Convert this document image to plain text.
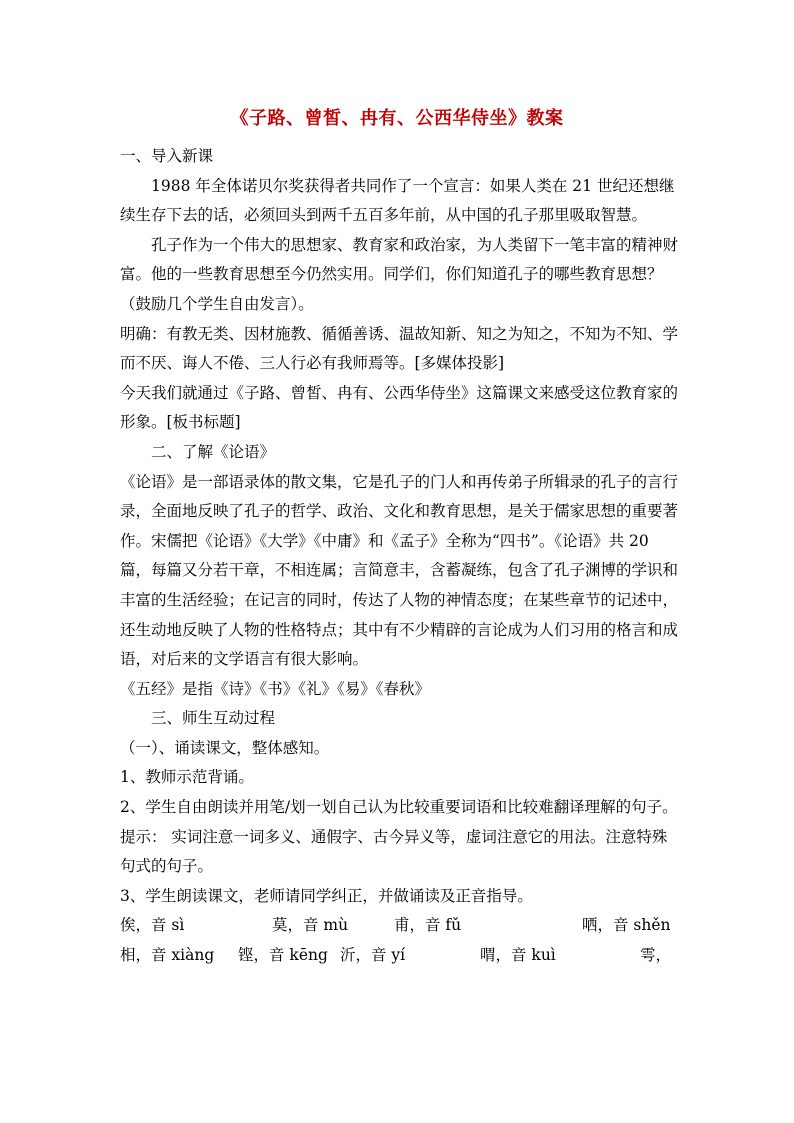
《子路、曾皙、冉有、公西华侍坐》教案

一、导入新课

1988 年全体诺贝尔奖获得者共同作了一个宣言：如果人类在 21 世纪还想继续生存下去的话，必须回头到两千五百多年前，从中国的孔子那里吸取智慧。

孔子作为一个伟大的思想家、教育家和政治家，为人类留下一笔丰富的精神财富。他的一些教育思想至今仍然实用。同学们，你们知道孔子的哪些教育思想？（鼓励几个学生自由发言）。

明确：有教无类、因材施教、循循善诱、温故知新、知之为知之，不知为不知、学而不厌、诲人不倦、三人行必有我师焉等。[多媒体投影]

今天我们就通过《子路、曾皙、冉有、公西华侍坐》这篇课文来感受这位教育家的形象。[板书标题]

二、了解《论语》

《论语》是一部语录体的散文集，它是孔子的门人和再传弟子所辑录的孔子的言行录，全面地反映了孔子的哲学、政治、文化和教育思想，是关于儒家思想的重要著作。宋儒把《论语》《大学》《中庸》和《孟子》全称为“四书”。《论语》共 20 篇，每篇又分若干章，不相连属；言简意丰，含蓄凝练，包含了孔子渊博的学识和丰富的生活经验；在记言的同时，传达了人物的神情态度；在某些章节的记述中，还生动地反映了人物的性格特点；其中有不少精辟的言论成为人们习用的格言和成语，对后来的文学语言有很大影响。

《五经》是指《诗》《书》《礼》《易》《春秋》

三、师生互动过程

（一）、诵读课文，整体感知。

1、教师示范背诵。

2、学生自由朗读并用笔/划一划自己认为比较重要词语和比较难翻译理解的句子。

提示： 实词注意一词多义、通假字、古今异义等，虚词注意它的用法。注意特殊句式的句子。

3、学生朗读课文，老师请同学纠正，并做诵读及正音指导。

俟，音 sì	莫，音 mù	甫，音 fǔ	哂，音 shěn
相，音 xiàng 铿，音 kēng 沂，音 yí	喟，音 kuì	雩，
